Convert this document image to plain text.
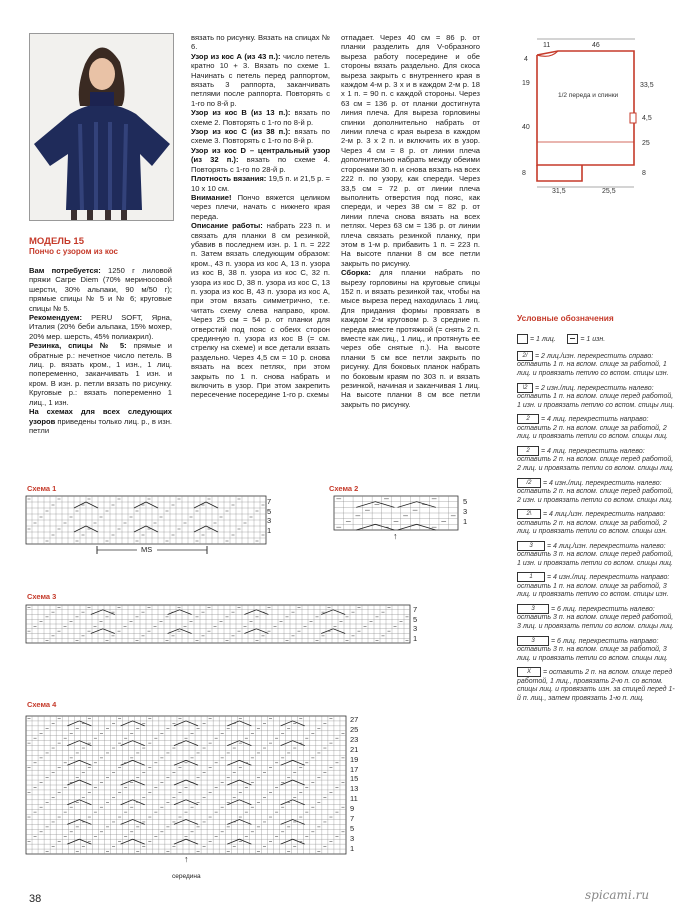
МОДЕЛЬ 15
Пончо с узором из кос

Вам потребуется: 1250 г лиловой пряжи Carpe Diem (70% мериносовой шерсти, 30% альпаки, 90 м/50 г); прямые спицы № 5 и № 6; круговые спицы № 5.

Рекомендуем: PERU SOFT, Ярна, Италия (20% беби альпака, 15% мохер, 20% мер. шерсть, 45% полиакрил).

Резинка, спицы № 5: прямые и обратные р.: нечетное число петель. В лиц. р. вязать кром., 1 изн., 1 лиц. попеременно, заканчивать 1 изн. и кром. В изн. р. петли вязать по рисунку. Круговые р.: вязать попеременно 1 лиц., 1 изн.

На схемах для всех следующих узоров приведены только лиц. р., в изн. петли

вязать по рисунку. Вязать на спицах № 6.

Узор из кос А (из 43 п.): число петель кратно 10 + 3. Вязать по схеме 1. Начинать с петель перед раппортом, вязать 3 раппорта, заканчивать петлями после раппорта. Повторять с 1-го по 8-й р.

Узор из кос В (из 13 п.): вязать по схеме 2. Повторять с 1-го по 8-й р.

Узор из кос С (из 38 п.): вязать по схеме 3. Повторять с 1-го по 8-й р.

Узор из кос D – центральный узор (из 32 п.): вязать по схеме 4. Повторять с 1-го по 28-й р.

Плотность вязания: 19,5 п. и 21,5 р. = 10 х 10 см.

Внимание! Пончо вяжется целиком через плечи, начать с нижнего края переда.

Описание работы: набрать 223 п. и связать для планки 8 см резинкой, убавив в последнем изн. р. 1 п. = 222 п. Затем вязать следующим образом: кром., 43 п. узора из кос А, 13 п. узора из кос В, 38 п. узора из кос С, 32 п. узора из кос D, 38 п. узора из кос С, 13 п. узора из кос В, 43 п. узора из кос А, при этом вязать симметрично, т.е. читать схему слева направо, кром. Через 25 см = 54 р. от планки для отверстий под пояс с обеих сторон срединную п. узора из кос В (= см. стрелку на схеме) и все детали вязать раздельно. Через 4,5 см = 10 р. снова вязать на всех петлях, при этом закрыть по 1 п. снова набрать и включить в узор. При этом закрепить пересечение посередине 1-го р. схемы

отпадает. Через 40 см = 86 р. от планки разделить для V-образного выреза работу посередине и обе стороны вязать раздельно. Для скоса выреза закрыть с внутреннего края в каждом 4-м р. 3 х и в каждом 2-м р. 18 х 1 п. = 90 п. с каждой стороны. Через 63 см = 136 р. от планки достигнута линия плеча. Для выреза горловины спинки дополнительно набрать от линии плеча с края выреза в каждом 2-м р. 3 х 2 п. и включить их в узор. Через 4 см = 8 р. от линии плеча дополнительно набрать между обеими сторонами 30 п. и снова вязать на всех 222 п. по узору, как спереди. Через 33,5 см = 72 р. от линии плеча выполнить отверстия под пояс, как спереди, и через 38 см = 82 р. от линии плеча снова вязать на всех петлях. Через 63 см = 136 р. от линии плеча связать резинкой планку, при этом в 1-м р. прибавить 1 п. = 223 п. На высоте планки 8 см все петли закрыть по рисунку.

Сборка: для планки набрать по вырезу горловины на круговые спицы 152 п. и вязать резинкой так, чтобы на мысе выреза перед находилась 1 лиц. Для придания формы провязать в каждом 2-м круговом р. 3 средние п. переда вместе протяжкой (= снять 2 п. вместе как лиц., 1 лиц., и протянуть ее через обе снятые п.). На высоте планки 5 см все петли закрыть по рисунку. Для боковых планок набрать по боковым краям по 303 п. и вязать резинкой, начиная и заканчивая 1 лиц. На высоте планки 8 см все петли закрыть по рисунку.

11	46
1/2 переда и спинки
4
19
40
8
33,5
4,5
25
8
31,5	25,5
Условные обозначения
= 1 лиц.	= 1 изн.
2/ = 2 лиц./изн. перекрестить справо: оставить 1 п. на вспом. спице за работой, 1 лиц. и провязать петлю со вспом. спицы изн.
\2 = 2 изн./лиц. перекрестить налево: оставить 1 п. на вспом. спице перед работой, 1 изн. и провязать петлю со вспом. спицы лиц.
2 = 4 лиц. перекрестить направо: оставить 2 п. на вспом. спице за работой, 2 лиц. и провязать петли со вспом. спицы лиц.
2 = 4 лиц. перекрестить налево: оставить 2 п. на вспом. спице перед работой, 2 лиц. и провязать петли со вспом. спицы лиц.
/2 = 4 изн./лиц. перекрестить налево: оставить 2 п. на вспом. спице перед работой, 2 изн. и провязать петли со вспом. спицы лиц.
2\ = 4 лиц./изн. перекрестить направо: оставить 2 п. на вспом. спице за работой, 2 лиц. и провязать петли со вспом. спицы изн.
3 = 4 лиц./изн. перекрестить налево: оставить 3 п. на вспом. спице перед работой, 1 изн. и провязать петли со вспом. спицы лиц.
1 = 4 изн./лиц. перекрестить направо: оставить 1 п. на вспом. спице за работой, 3 лиц. и провязать петлю со вспом. спицы изн.
3 = 6 лиц. перекрестить налево: оставить 3 п. на вспом. спице перед работой, 3 лиц. и провязать петли со вспом. спицы лиц.
3 = 6 лиц. перекрестить направо: оставить 3 п. на вспом. спице за работой, 3 лиц. и провязать петли со вспом. спицы лиц.
X = оставить 2 п. на вспом. спице перед работой, 1 лиц., провязать 2-ю п. со вспом. спицы лиц. и провязать изн. за спицей перед 1-й п. лиц., затем провязать 1-ю п. лиц.
Схема 1
7
5
3
1
MS
Схема 2
5
3
1
↑
Схема 3
7
5
3
1
Схема 4
27
25
23
21
19
17
15
13
11
9
7
5
3
1
↑
середина
38	spicami.ru
